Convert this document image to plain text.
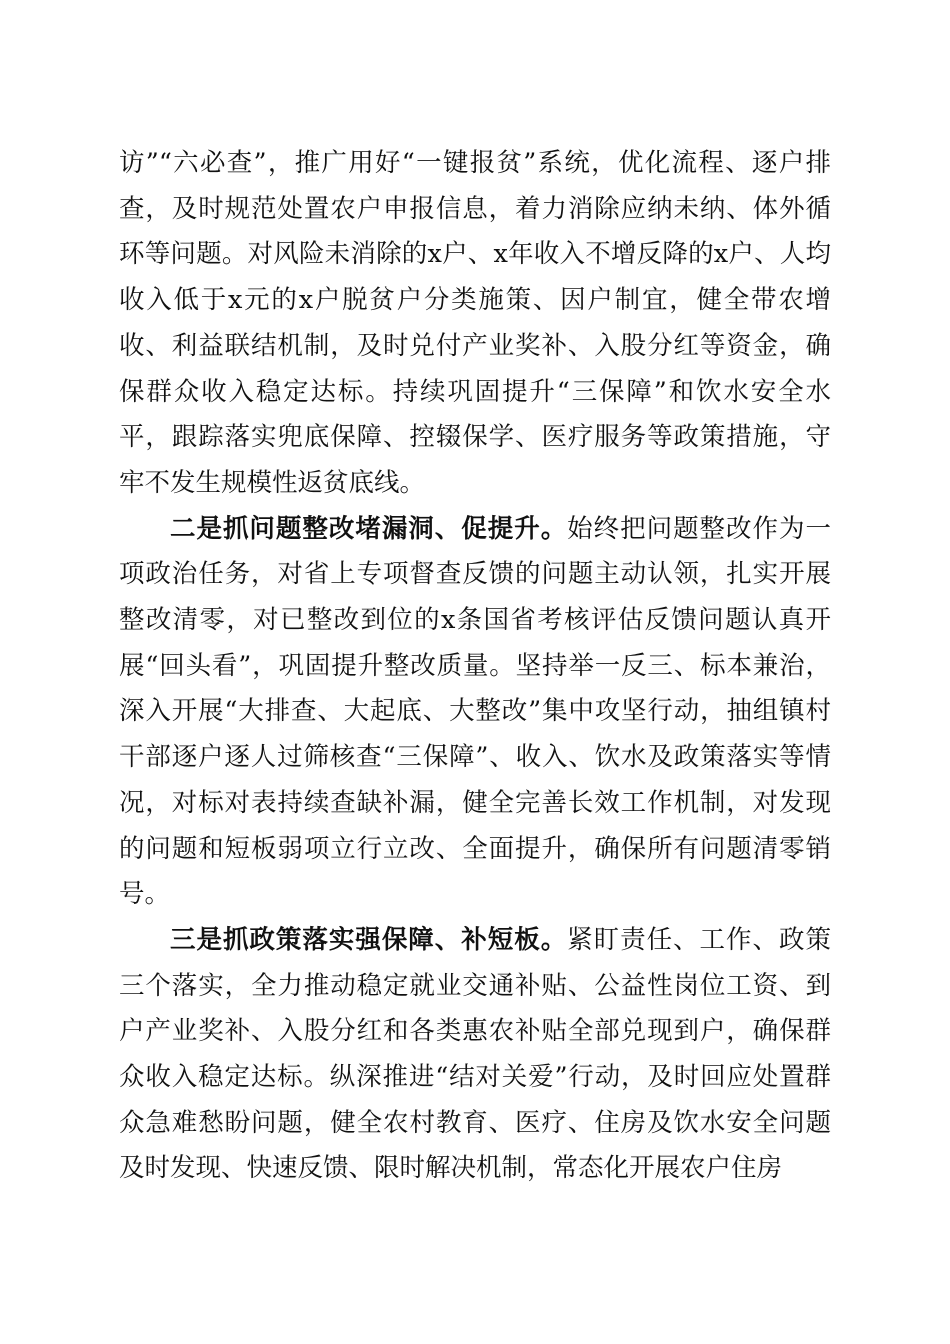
访”“六必查”，推广用好“一键报贫”系统，优化流程、逐户排查，及时规范处置农户申报信息，着力消除应纳未纳、体外循环等问题。对风险未消除的x户、x年收入不增反降的x户、人均收入低于x元的x户脱贫户分类施策、因户制宜，健全带农增收、利益联结机制，及时兑付产业奖补、入股分红等资金，确保群众收入稳定达标。持续巩固提升“三保障”和饮水安全水平，跟踪落实兜底保障、控辍保学、医疗服务等政策措施，守牢不发生规模性返贫底线。

二是抓问题整改堵漏洞、促提升。始终把问题整改作为一项政治任务，对省上专项督查反馈的问题主动认领，扎实开展整改清零，对已整改到位的x条国省考核评估反馈问题认真开展“回头看”，巩固提升整改质量。坚持举一反三、标本兼治，深入开展“大排查、大起底、大整改”集中攻坚行动，抽组镇村干部逐户逐人过筛核查“三保障”、收入、饮水及政策落实等情况，对标对表持续查缺补漏，健全完善长效工作机制，对发现的问题和短板弱项立行立改、全面提升，确保所有问题清零销号。

三是抓政策落实强保障、补短板。紧盯责任、工作、政策三个落实，全力推动稳定就业交通补贴、公益性岗位工资、到户产业奖补、入股分红和各类惠农补贴全部兑现到户，确保群众收入稳定达标。纵深推进“结对关爱”行动，及时回应处置群众急难愁盼问题，健全农村教育、医疗、住房及饮水安全问题及时发现、快速反馈、限时解决机制，常态化开展农户住房
